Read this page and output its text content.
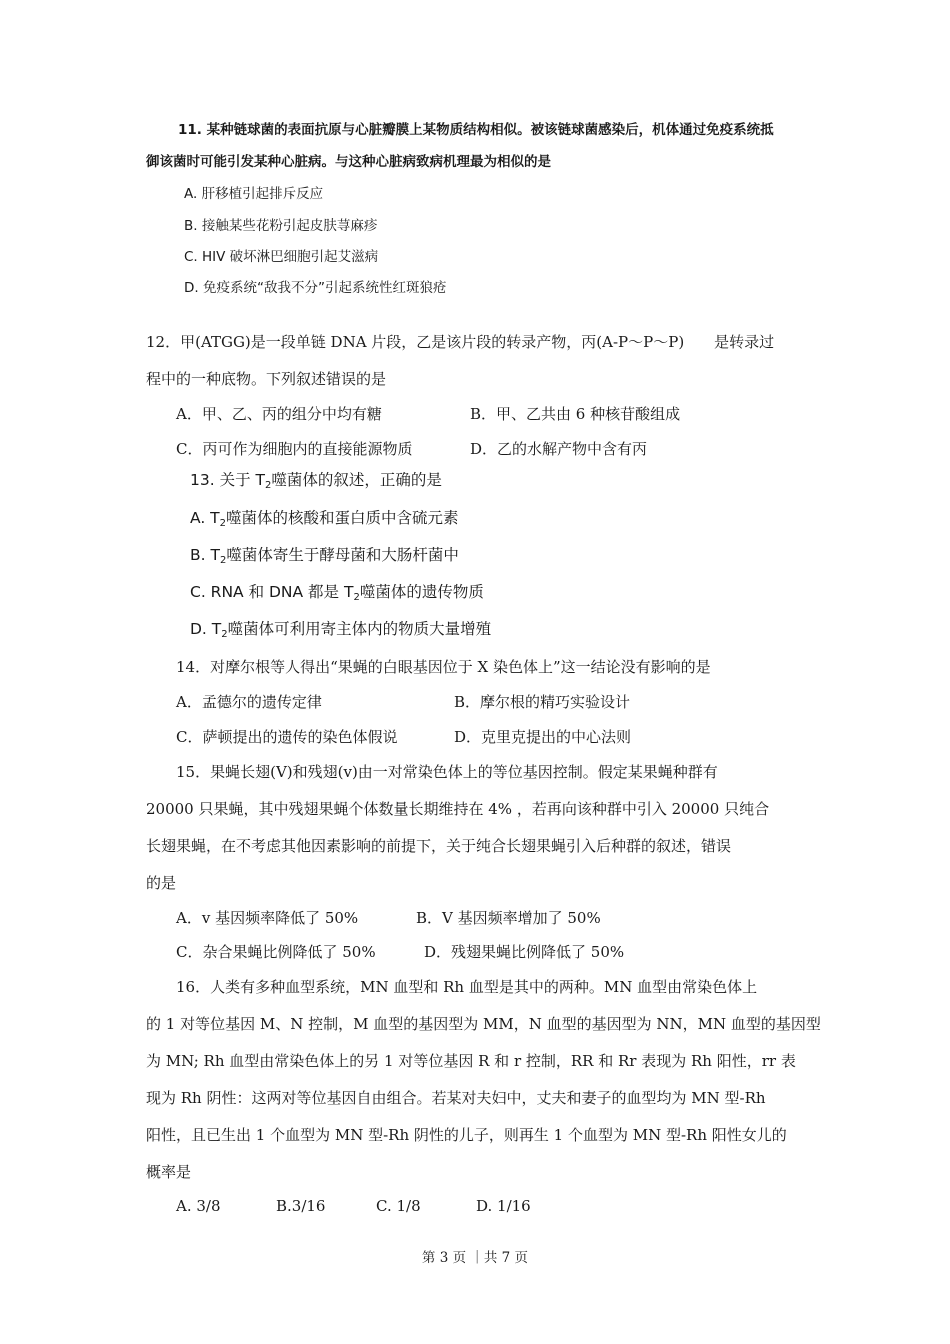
11. 某种链球菌的表面抗原与心脏瓣膜上某物质结构相似。被该链球菌感染后，机体通过免疫系统抵
御该菌时可能引发某种心脏病。与这种心脏病致病机理最为相似的是
A. 肝移植引起排斥反应
B. 接触某些花粉引起皮肤荨麻疹
C. HIV 破坏淋巴细胞引起艾滋病
D. 免疫系统“敌我不分”引起系统性红斑狼疮
12．甲(ATGG)是一段单链 DNA 片段，乙是该片段的转录产物，丙(A-P～P～P)　　是转录过
程中的一种底物。下列叙述错误的是
A．甲、乙、丙的组分中均有糖	B．甲、乙共由 6 种核苷酸组成
C．丙可作为细胞内的直接能源物质	D．乙的水解产物中含有丙
13. 关于 T2噬菌体的叙述，正确的是
A. T2噬菌体的核酸和蛋白质中含硫元素
B. T2噬菌体寄生于酵母菌和大肠杆菌中
C. RNA 和 DNA 都是 T2噬菌体的遗传物质
D. T2噬菌体可利用寄主体内的物质大量增殖
14．对摩尔根等人得出“果蝇的白眼基因位于 X 染色体上”这一结论没有影响的是
A．孟德尔的遗传定律	B．摩尔根的精巧实验设计
C．萨顿提出的遗传的染色体假说	D．克里克提出的中心法则
15．果蝇长翅(V)和残翅(v)由一对常染色体上的等位基因控制。假定某果蝇种群有
20000 只果蝇，其中残翅果蝇个体数量长期维持在 4% ，若再向该种群中引入 20000 只纯合
长翅果蝇，在不考虑其他因素影响的前提下，关于纯合长翅果蝇引入后种群的叙述，错误
的是
A．v 基因频率降低了 50%	B．V 基因频率增加了 50%
C．杂合果蝇比例降低了 50%	D．残翅果蝇比例降低了 50%
16．人类有多种血型系统，MN 血型和 Rh 血型是其中的两种。MN 血型由常染色体上
的 1 对等位基因 M、N 控制，M 血型的基因型为 MM，N 血型的基因型为 NN，MN 血型的基因型
为 MN; Rh 血型由常染色体上的另 1 对等位基因 R 和 r 控制，RR 和 Rr 表现为 Rh 阳性，rr 表
现为 Rh 阴性：这两对等位基因自由组合。若某对夫妇中，丈夫和妻子的血型均为 MN 型-Rh
阳性，且已生出 1 个血型为 MN 型-Rh 阴性的儿子，则再生 1 个血型为 MN 型-Rh 阳性女儿的
概率是
A. 3/8	B.3/16	C. 1/8	D. 1/16
第 3 页 ｜共 7 页
